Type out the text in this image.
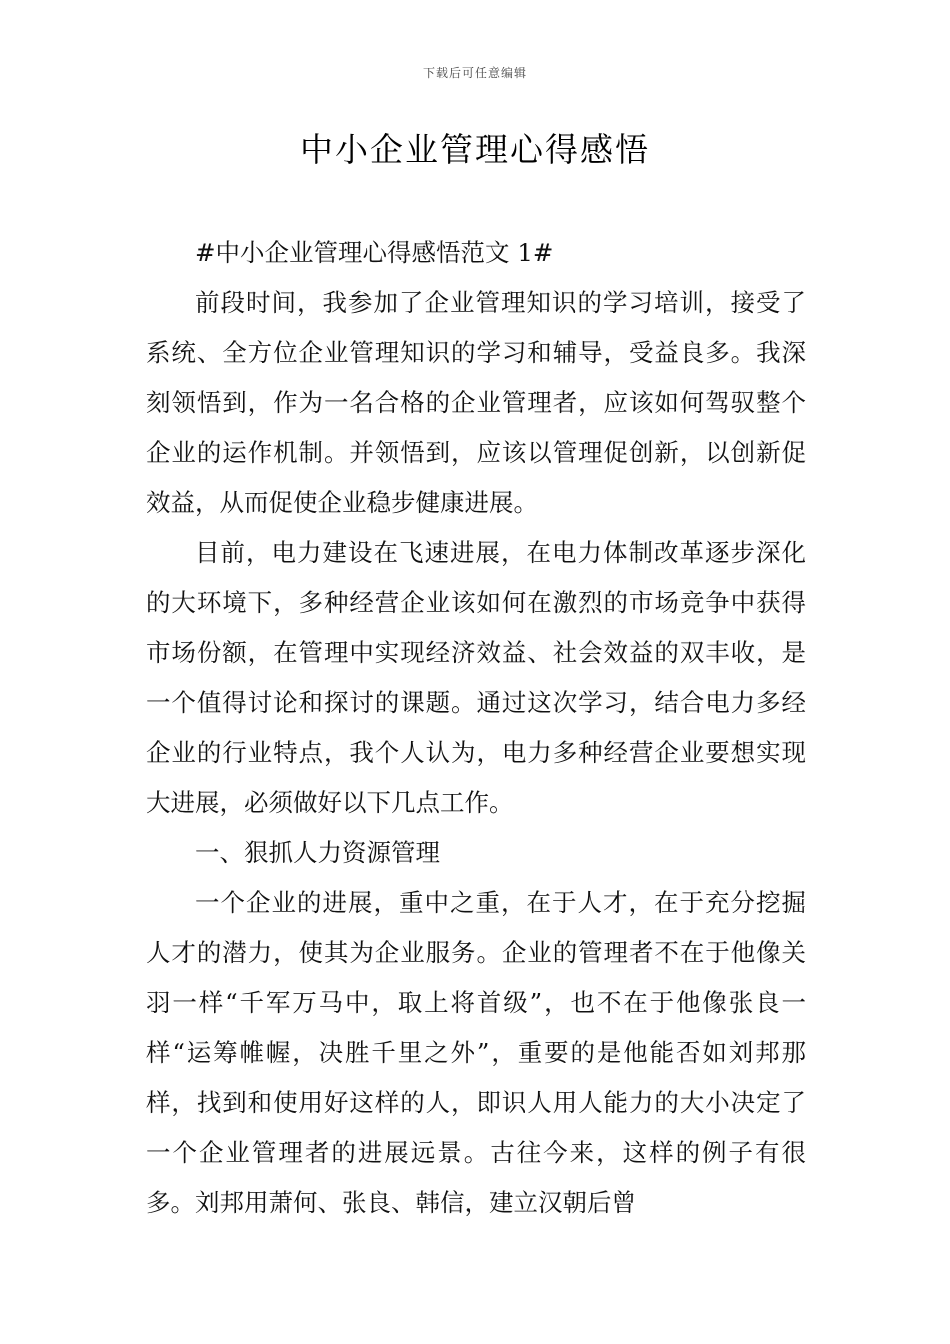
下载后可任意编辑
中小企业管理心得感悟

#中小企业管理心得感悟范文 1#

前段时间，我参加了企业管理知识的学习培训，接受了系统、全方位企业管理知识的学习和辅导，受益良多。我深刻领悟到，作为一名合格的企业管理者，应该如何驾驭整个企业的运作机制。并领悟到，应该以管理促创新，以创新促效益，从而促使企业稳步健康进展。

目前，电力建设在飞速进展，在电力体制改革逐步深化的大环境下，多种经营企业该如何在激烈的市场竞争中获得市场份额，在管理中实现经济效益、社会效益的双丰收，是一个值得讨论和探讨的课题。通过这次学习，结合电力多经企业的行业特点，我个人认为，电力多种经营企业要想实现大进展，必须做好以下几点工作。

一、狠抓人力资源管理

一个企业的进展，重中之重，在于人才，在于充分挖掘人才的潜力，使其为企业服务。企业的管理者不在于他像关羽一样“千军万马中，取上将首级”，也不在于他像张良一样“运筹帷幄，决胜千里之外”，重要的是他能否如刘邦那样，找到和使用好这样的人，即识人用人能力的大小决定了一个企业管理者的进展远景。古往今来，这样的例子有很多。刘邦用萧何、张良、韩信，建立汉朝后曾
